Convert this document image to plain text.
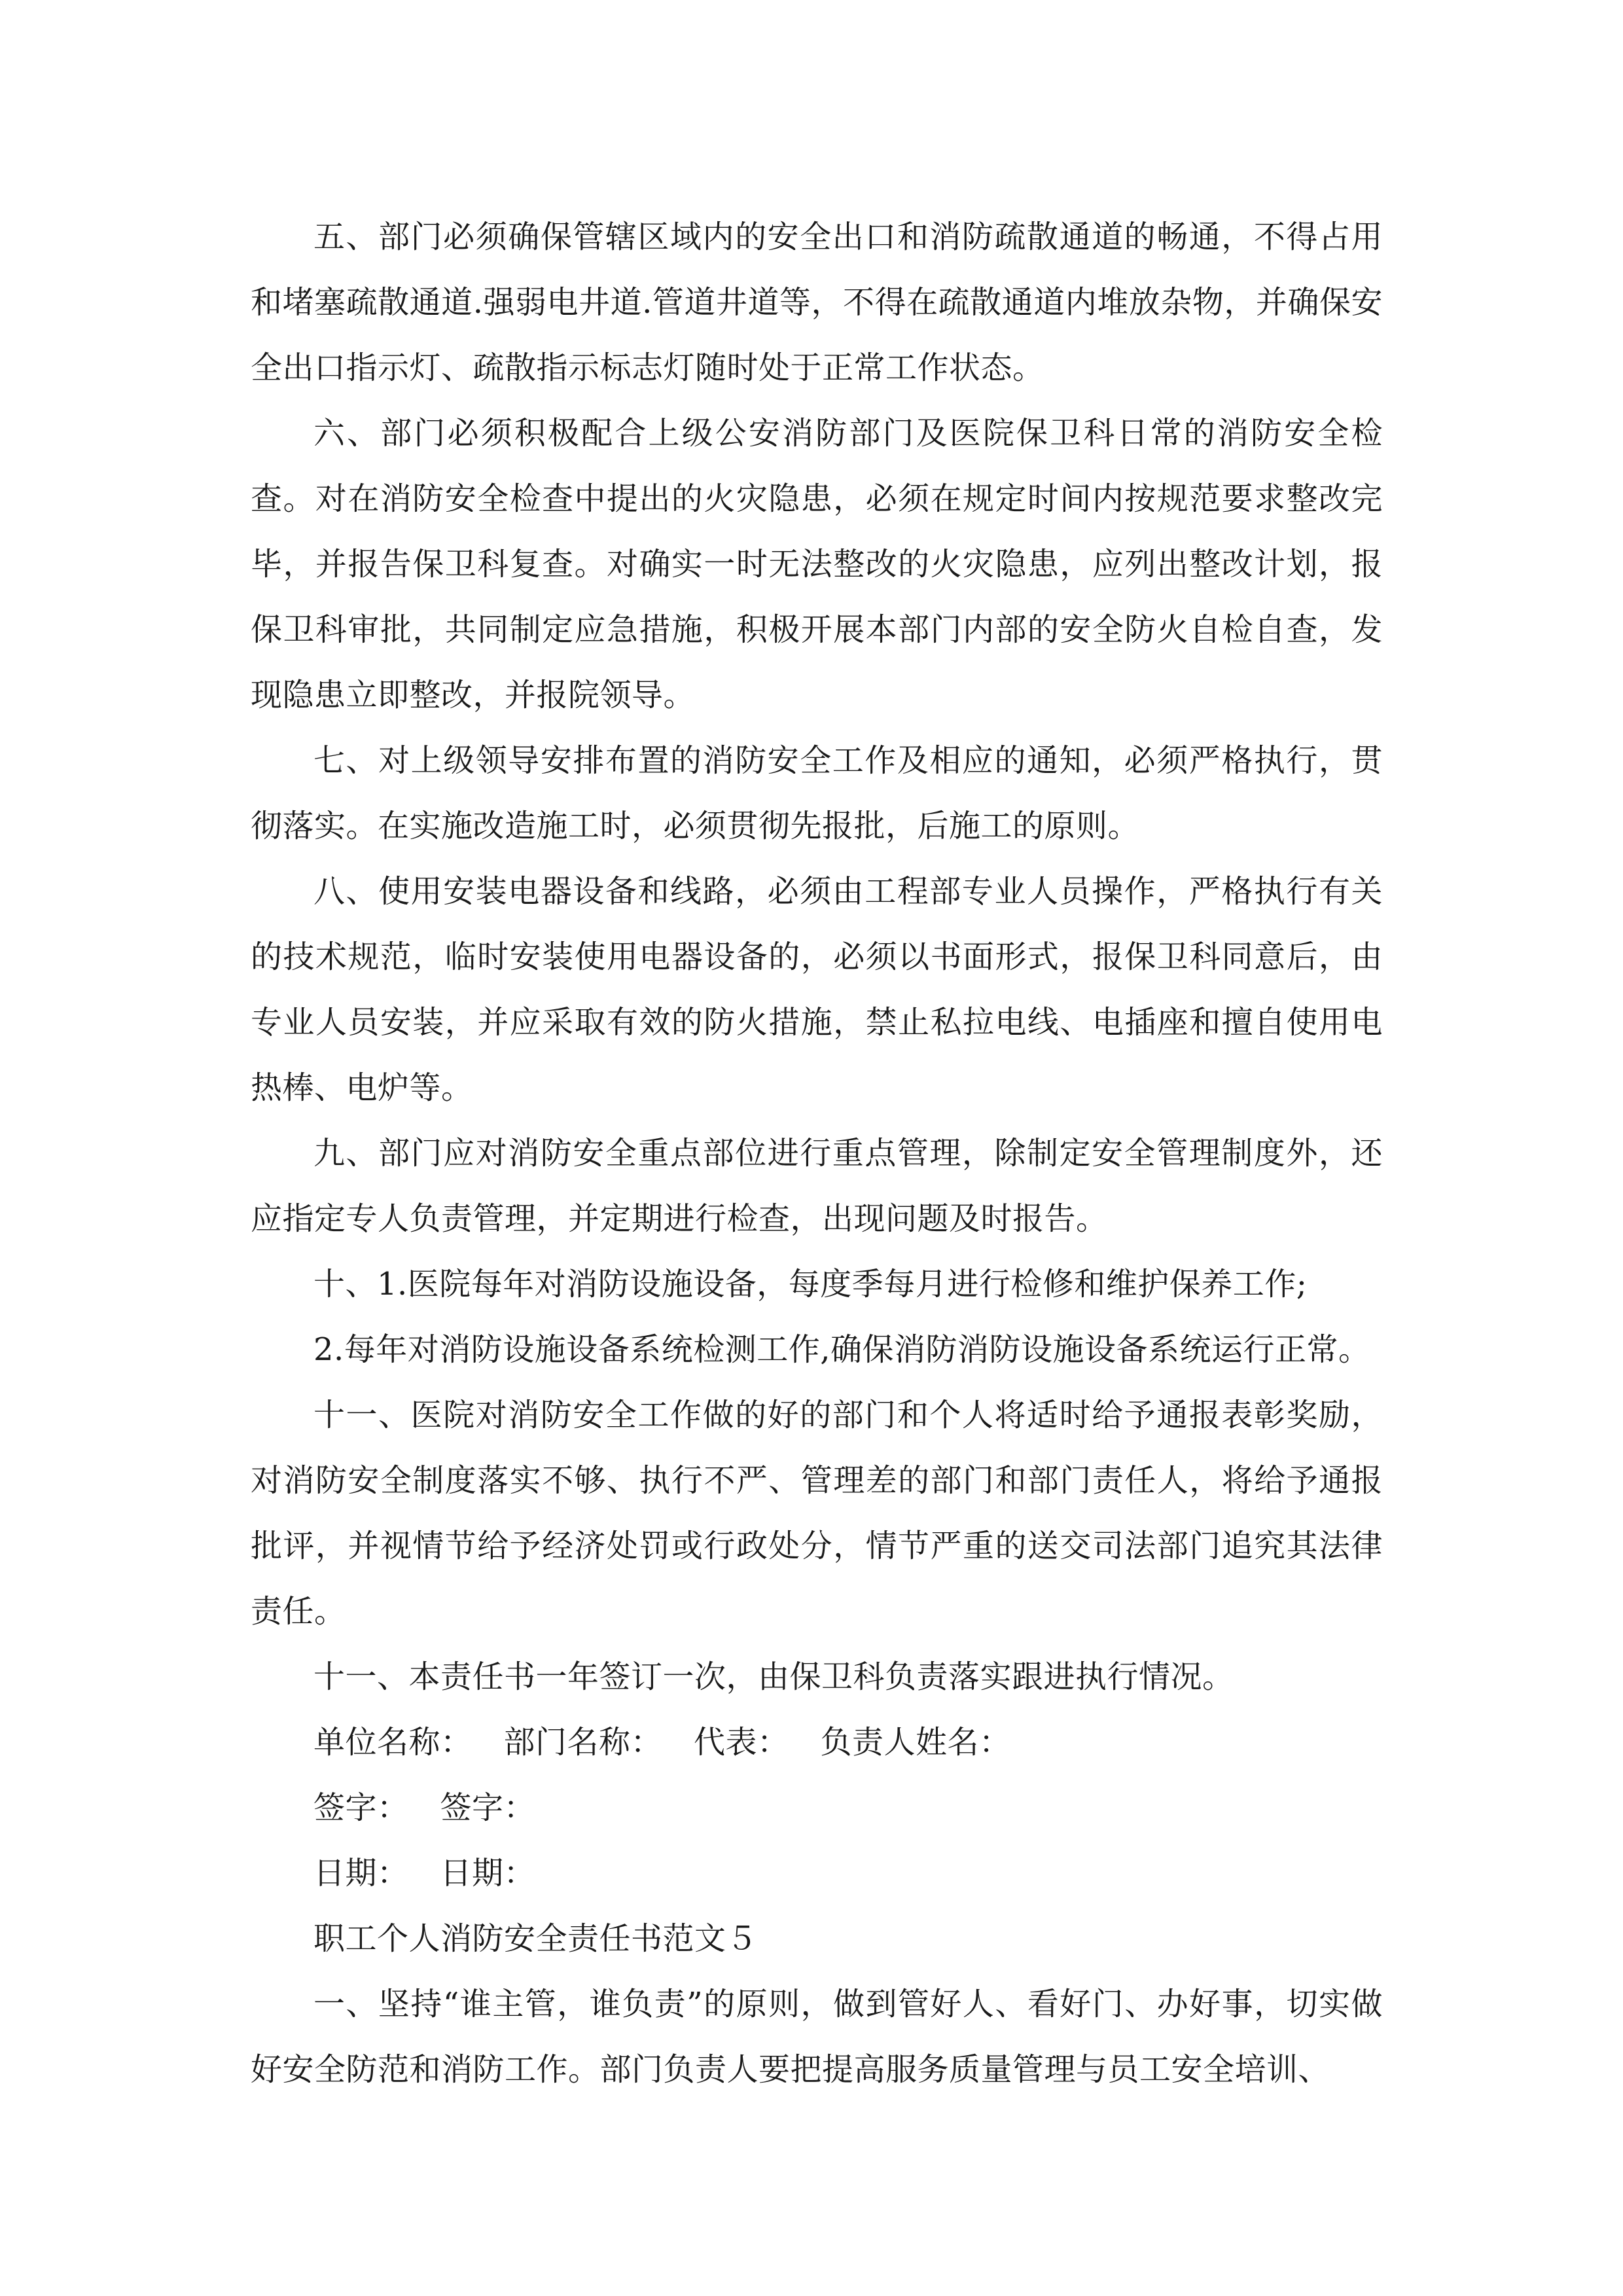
五、部门必须确保管辖区域内的安全出口和消防疏散通道的畅通，不得占用和堵塞疏散通道.强弱电井道.管道井道等，不得在疏散通道内堆放杂物，并确保安全出口指示灯、疏散指示标志灯随时处于正常工作状态。

六、部门必须积极配合上级公安消防部门及医院保卫科日常的消防安全检查。对在消防安全检查中提出的火灾隐患，必须在规定时间内按规范要求整改完毕，并报告保卫科复查。对确实一时无法整改的火灾隐患，应列出整改计划，报保卫科审批，共同制定应急措施，积极开展本部门内部的安全防火自检自查，发现隐患立即整改，并报院领导。

七、对上级领导安排布置的消防安全工作及相应的通知，必须严格执行，贯彻落实。在实施改造施工时，必须贯彻先报批，后施工的原则。

八、使用安装电器设备和线路，必须由工程部专业人员操作，严格执行有关的技术规范，临时安装使用电器设备的，必须以书面形式，报保卫科同意后，由专业人员安装，并应采取有效的防火措施，禁止私拉电线、电插座和擅自使用电热棒、电炉等。

九、部门应对消防安全重点部位进行重点管理，除制定安全管理制度外，还应指定专人负责管理，并定期进行检查，出现问题及时报告。

十、1.医院每年对消防设施设备，每度季每月进行检修和维护保养工作;

2.每年对消防设施设备系统检测工作,确保消防消防设施设备系统运行正常。

十一、医院对消防安全工作做的好的部门和个人将适时给予通报表彰奖励，对消防安全制度落实不够、执行不严、管理差的部门和部门责任人，将给予通报批评，并视情节给予经济处罚或行政处分，情节严重的送交司法部门追究其法律责任。

十一、本责任书一年签订一次，由保卫科负责落实跟进执行情况。

单位名称： 部门名称： 代表： 负责人姓名：

签字： 签字：

日期： 日期：

职工个人消防安全责任书范文５

一、坚持“谁主管，谁负责”的原则，做到管好人、看好门、办好事，切实做好安全防范和消防工作。部门负责人要把提高服务质量管理与员工安全培训、
